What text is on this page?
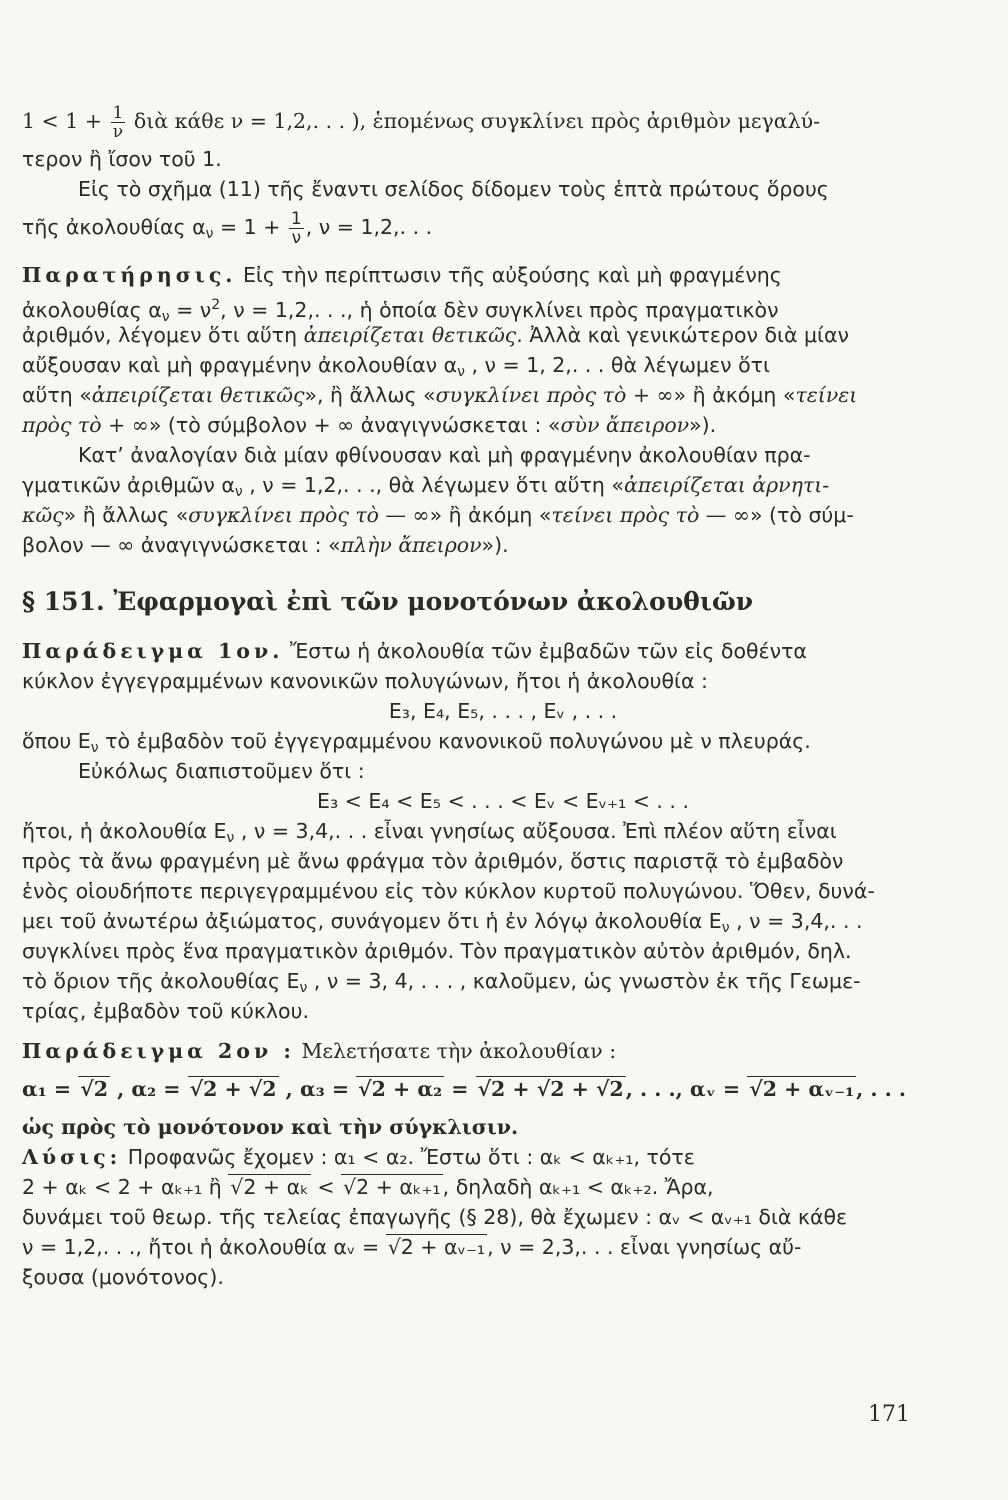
$1 < 1 + \frac{1}{\nu}$ διὰ κάθε ν = 1,2,. . . ), ἑπομένως συγκλίνει πρὸς ἀριθμὸν μεγαλύ-
τερον ἢ ἴσον τοῦ 1.
Εἰς τὸ σχῆμα (11) τῆς ἔναντι σελίδος δίδομεν τοὺς ἑπτὰ πρώτους ὅρους
τῆς ἀκολουθίας $\alpha_\nu = 1 + \frac{1}{\nu}$ , ν = 1,2,. . .
Παρατήρησις. Εἰς τὴν περίπτωσιν τῆς αὐξούσης καὶ μὴ φραγμένης
ἀκολουθίας $\alpha_\nu = \nu^2$, ν = 1,2,. . ., ἡ ὁποία δὲν συγκλίνει πρὸς πραγματικὸν
ἀριθμόν, λέγομεν ὅτι αὕτη ἀπειρίζεται θετικῶς. Ἀλλὰ καὶ γενικώτερον διὰ μίαν
αὔξουσαν καὶ μὴ φραγμένην ἀκολουθίαν $\alpha_\nu$ , ν = 1, 2,. . . θὰ λέγωμεν ὅτι
αὕτη «ἀπειρίζεται θετικῶς», ἢ ἄλλως «συγκλίνει πρὸς τὸ + ∞» ἢ ἀκόμη «τείνει
πρὸς τὸ + ∞» (τὸ σύμβολον + ∞ ἀναγιγνώσκεται : «σὺν ἄπειρον»).
Κατ’ ἀναλογίαν διὰ μίαν φθίνουσαν καὶ μὴ φραγμένην ἀκολουθίαν πρα-
γματικῶν ἀριθμῶν $\alpha_\nu$ , ν = 1,2,. . ., θὰ λέγωμεν ὅτι αὕτη «ἀπειρίζεται ἀρνητι-
κῶς» ἢ ἄλλως «συγκλίνει πρὸς τὸ — ∞» ἢ ἀκόμη «τείνει πρὸς τὸ — ∞» (τὸ σύμ-
βολον — ∞ ἀναγιγνώσκεται : «πλὴν ἄπειρον»).
§ 151. Ἐφαρμογαὶ ἐπὶ τῶν μονοτόνων ἀκολουθιῶν
Παράδειγμα 1ον. Ἔστω ἡ ἀκολουθία τῶν ἐμβαδῶν τῶν εἰς δοθέντα
κύκλον ἐγγεγραμμένων κανονικῶν πολυγώνων, ἤτοι ἡ ἀκολουθία :
E₃, E₄, E₅, . . . , Eᵥ , . . .
ὅπου $E_\nu$ τὸ ἐμβαδὸν τοῦ ἐγγεγραμμένου κανονικοῦ πολυγώνου μὲ ν πλευράς.
Εὐκόλως διαπιστοῦμεν ὅτι :
E₃ < E₄ < E₅ < . . . < Eᵥ < Eᵥ₊₁ < . . .
ἤτοι, ἡ ἀκολουθία $E_\nu$ , ν = 3,4,. . . εἶναι γνησίως αὔξουσα. Ἐπὶ πλέον αὕτη εἶναι
πρὸς τὰ ἄνω φραγμένη μὲ ἄνω φράγμα τὸν ἀριθμόν, ὅστις παριστᾷ τὸ ἐμβαδὸν
ἑνὸς οἱουδήποτε περιγεγραμμένου εἰς τὸν κύκλον κυρτοῦ πολυγώνου. Ὅθεν, δυνά-
μει τοῦ ἀνωτέρω ἀξιώματος, συνάγομεν ὅτι ἡ ἐν λόγῳ ἀκολουθία $E_\nu$ , ν = 3,4,. . .
συγκλίνει πρὸς ἕνα πραγματικὸν ἀριθμόν. Τὸν πραγματικὸν αὐτὸν ἀριθμόν, δηλ.
τὸ ὅριον τῆς ἀκολουθίας $E_\nu$ , ν = 3, 4, . . . , καλοῦμεν, ὡς γνωστὸν ἐκ τῆς Γεωμε-
τρίας, ἐμβαδὸν τοῦ κύκλου.
Παράδειγμα 2ον : Μελετήσατε τὴν ἀκολουθίαν :
α₁ = √2 , α₂ = √2 + √2 , α₃ = √2 + α₂ = √2 + √2 + √2, . . ., αᵥ = √2 + αᵥ₋₁, . . .
ὡς πρὸς τὸ μονότονον καὶ τὴν σύγκλισιν.
Λύσις: Προφανῶς ἔχομεν : α₁ < α₂. Ἔστω ὅτι : αₖ < αₖ₊₁, τότε
2 + αₖ < 2 + αₖ₊₁ ἢ √2 + αₖ < √2 + αₖ₊₁, δηλαδὴ αₖ₊₁ < αₖ₊₂. Ἄρα,
δυνάμει τοῦ θεωρ. τῆς τελείας ἐπαγωγῆς (§ 28), θὰ ἔχωμεν : αᵥ < αᵥ₊₁ διὰ κάθε
ν = 1,2,. . ., ἤτοι ἡ ἀκολουθία αᵥ = √2 + αᵥ₋₁, ν = 2,3,. . . εἶναι γνησίως αὔ-
ξουσα (μονότονος).
171
